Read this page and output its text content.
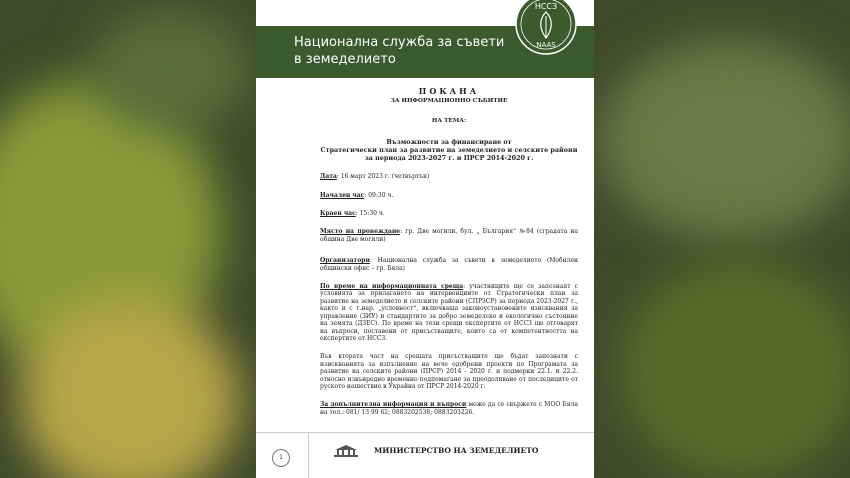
Национална служба за съвети в земеделието
НССЗ
NAAS
ПОКАНА
ЗА ИНФОРМАЦИОННО СЪБИТИЕ
НА ТЕМА:
Възможности за финансиране от
Стратегически план за развитие на земеделието и селските райони
за периода 2023-2027 г. и ПРСР 2014-2020 г.
Дата: 16 март 2023 г. (четвъртък)
Начален час: 09:30 ч.
Краен час: 15:30 ч.
Място на провеждане: гр. Две могили, бул. „ България“ №84 (сградата на община Две могили)
Организатори: Национална служба за съвети в земеделието (Мобилен общински офис – гр. Бяла)
По време на информационната среща: участниците ще се запознаят с условията за прилагането на интервенциите от Стратегически план за развитие на земеделието и селските райони (СПРЗСР) за периода 2023-2027 г., както и с т.нар. „условност“, включваща законоустановените изисквания за управление (ЗИУ) и стандартите за добро земеделско и екологично състояние на земята (ДЗЕС). По време на тези срещи експертите от НССЗ ще отговарят на въпроси, поставени от присъстващите, които са от компетентността на експертите от НССЗ.
Във втората част на срещата присъстващите ще бъдат запознати с изискванията за изпълнение на вече одобрени проекти по Програмата за развитие на селските райони (ПРСР) 2014 - 2020 г. и подмерки 22.1. и 22.2. относно извънредно временно подпомагане за преодоляване от последиците от руското нашествие в Украйна от ПРСР 2014-2020 г.
За допълнителна информация и въпроси може да се свържете с МОО Бяла на тел.: 081/ 13 99 62; 0883202538; 0883203226.
1
МИНИСТЕРСТВО НА ЗЕМЕДЕЛИЕТО
